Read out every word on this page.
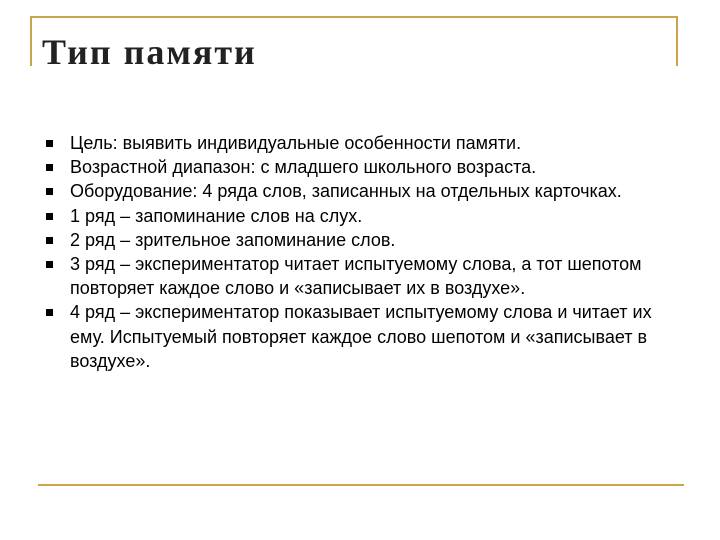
Тип памяти
Цель: выявить индивидуальные особенности памяти.
Возрастной диапазон: с младшего школьного возраста.
Оборудование: 4 ряда слов, записанных на отдельных карточках.
1 ряд – запоминание слов на слух.
2 ряд – зрительное запоминание слов.
3 ряд – экспериментатор читает испытуемому слова, а тот шепотом повторяет каждое слово и «записывает их в воздухе».
4 ряд – экспериментатор показывает испытуемому слова и читает их ему. Испытуемый повторяет каждое слово шепотом и «записывает в воздухе».
